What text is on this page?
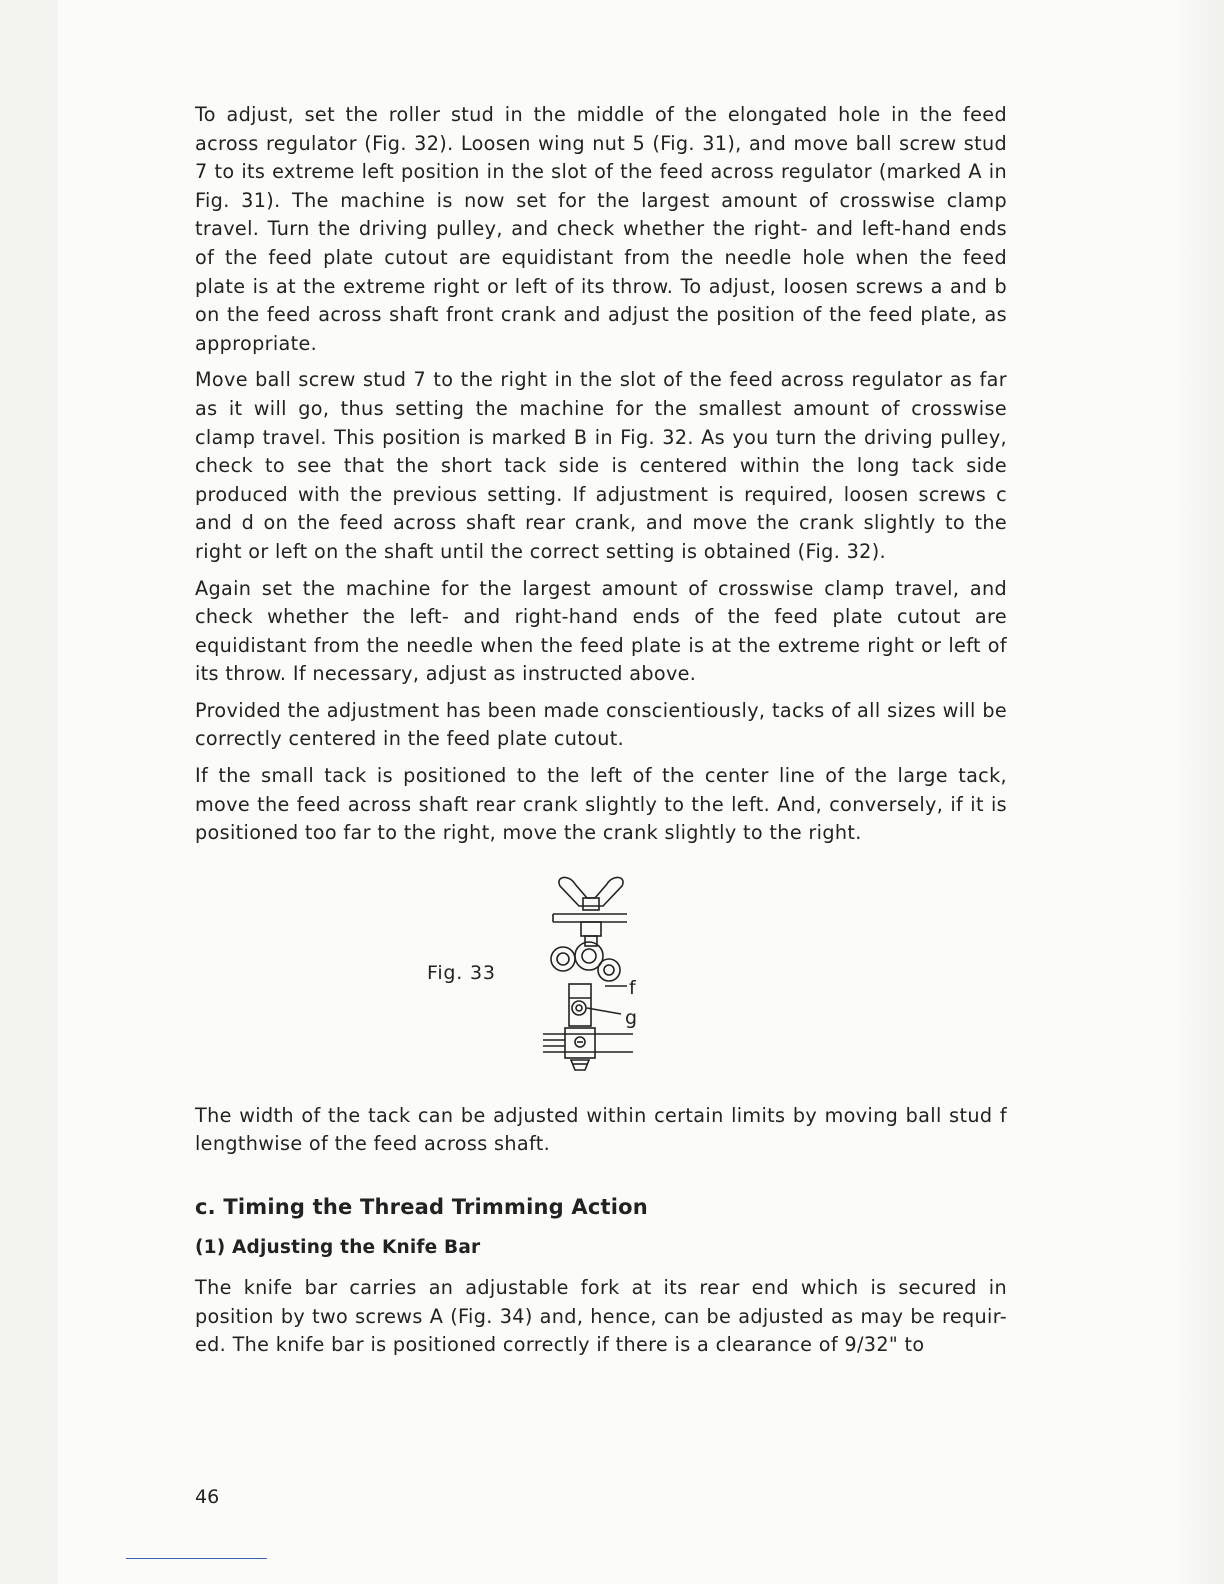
To adjust, set the roller stud in the middle of the elongated hole in the feed across regulator (Fig. 32). Loosen wing nut 5 (Fig. 31), and move ball screw stud 7 to its extreme left position in the slot of the feed across regulator (marked A in Fig. 31). The machine is now set for the largest amount of crosswise clamp travel. Turn the driving pulley, and check whether the right- and left-hand ends of the feed plate cutout are equidistant from the needle hole when the feed plate is at the extreme right or left of its throw. To adjust, loosen screws a and b on the feed across shaft front crank and adjust the position of the feed plate, as appropriate.

Move ball screw stud 7 to the right in the slot of the feed across regulator as far as it will go, thus setting the machine for the smallest amount of crosswise clamp travel. This position is marked B in Fig. 32. As you turn the driving pulley, check to see that the short tack side is centered within the long tack side produced with the previous setting. If adjustment is required, loosen screws c and d on the feed across shaft rear crank, and move the crank slightly to the right or left on the shaft until the correct setting is obtained (Fig. 32).

Again set the machine for the largest amount of crosswise clamp travel, and check whether the left- and right-hand ends of the feed plate cutout are equidistant from the needle when the feed plate is at the extreme right or left of its throw. If necessary, adjust as instructed above.

Provided the adjustment has been made conscientiously, tacks of all sizes will be correctly centered in the feed plate cutout.

If the small tack is positioned to the left of the center line of the large tack, move the feed across shaft rear crank slightly to the left. And, conversely, if it is positioned too far to the right, move the crank slightly to the right.

Fig. 33
f
g

The width of the tack can be adjusted within certain limits by moving ball stud f lengthwise of the feed across shaft.

c. Timing the Thread Trimming Action
(1) Adjusting the Knife Bar

The knife bar carries an adjustable fork at its rear end which is secured in position by two screws A (Fig. 34) and, hence, can be adjusted as may be requir-ed. The knife bar is positioned correctly if there is a clearance of 9/32" to

46
